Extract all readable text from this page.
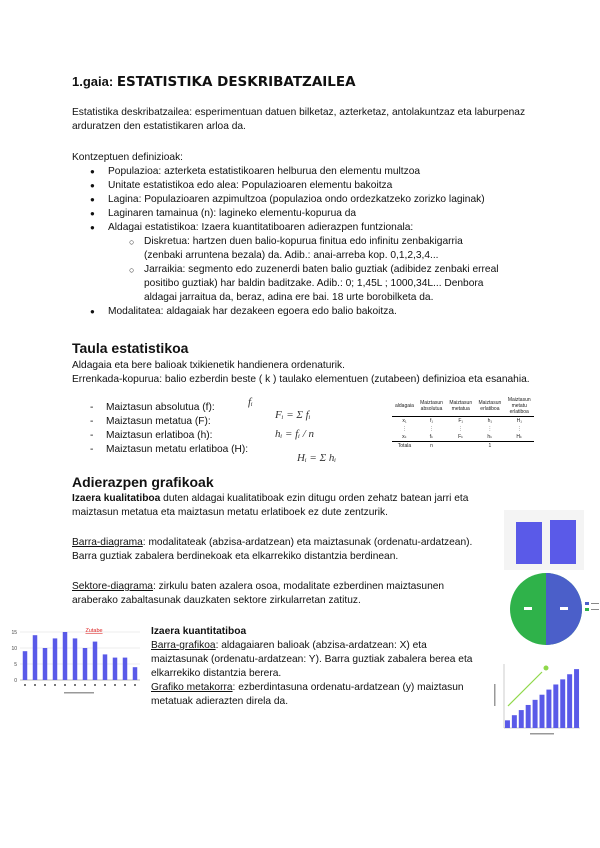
1.gaia: ESTATISTIKA DESKRIBATZAILEA
Estatistika deskribatzailea: esperimentuan datuen bilketaz, azterketaz, antolakuntzaz eta laburpenaz arduratzen den estatistikaren arloa da.
Kontzeptuen definizioak:
● Populazioa: azterketa estatistikoaren helburua den elementu multzoa
● Unitate estatistikoa edo alea: Populazioaren elementu bakoitza
● Lagina: Populazioaren azpimultzoa (populazioa ondo ordezkatzeko zorizko laginak)
● Laginaren tamainua (n): lagineko elementu-kopurua da
● Aldagai estatistikoa: Izaera kuantitatiboaren adierazpen funtzionala:
○ Diskretua: hartzen duen balio-kopurua finitua edo infinitu zenbakigarria (zenbaki arruntena bezala) da. Adib.: anai-arreba kop. 0,1,2,3,4...
○ Jarraikia: segmento edo zuzenerdi baten balio guztiak (adibidez zenbaki erreal positibo guztiak) har baldin baditzake. Adib.: 0; 1,45L ; 1000,34L... Denbora aldagai jarraitua da, beraz, adina ere bai. 18 urte borobilketa da.
● Modalitatea: aldagaiak har dezakeen egoera edo balio bakoitza.
Taula estatistikoa
Aldagaia eta bere balioak txikienetik handienera ordenaturik.
Errenkada-kopurua: balio ezberdin beste ( k ) taulako elementuen (zutabeen) definizioa eta esanahia.
- Maiztasun absolutua (f):
- Maiztasun metatua (F):
- Maiztasun erlatiboa (h):
- Maiztasun metatu erlatiboa (H):
fᵢ
Fᵢ = Σ fᵢ
hᵢ = fᵢ / n
Hᵢ = Σ hᵢ
aldagaia	Maiztasun absolutua	Maiztasun metatua	Maiztasun erlatiboa	Maiztasun metatu erlatiboa
x₁	f₁	F₁	h₁	H₁
⋮	⋮	⋮	⋮	⋮
xₖ	fₖ	Fₖ	hₖ	Hₖ
Totala	n		1	
Adierazpen grafikoak
Izaera kualitatiboa duten aldagai kualitatiboak ezin ditugu orden zehatz batean jarri eta maiztasun metatua eta maiztasun metatu erlatiboek ez dute zentzurik.
Barra-diagrama: modalitateak (abzisa-ardatzean) eta maiztasunak (ordenatu-ardatzean). Barra guztiak zabalera berdinekoak eta elkarrekiko distantzia berdinean.
Sektore-diagrama: zirkulu baten azalera osoa, modalitate ezberdinen maiztasunen araberako zabaltasunak dauzkaten sektore zirkularretan zatituz.
0
5
10
15	Zutabe	Izaera kuantitatiboa
Barra-grafikoa: aldagaiaren balioak (abzisa-ardatzean: X) eta maiztasunak (ordenatu-ardatzean: Y). Barra guztiak zabalera berea eta elkarrekiko distantzia berera.
Grafiko metakorra: ezberdintasuna ordenatu-ardatzean (y) maiztasun metatuak adierazten direla da.
